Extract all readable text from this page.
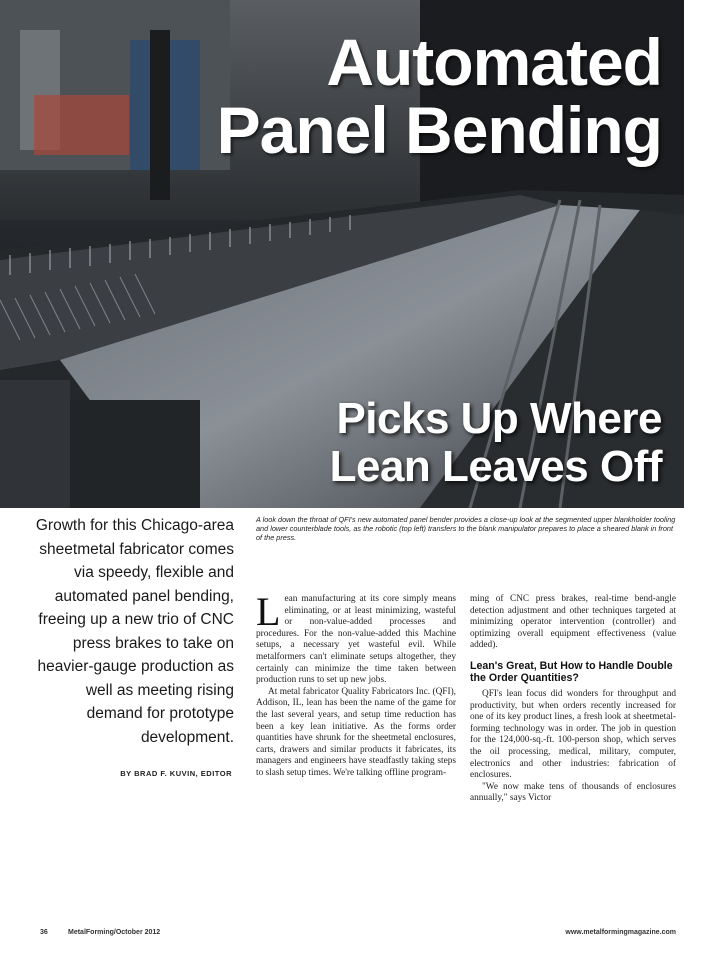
Automated
Panel Bending
Picks Up Where
Lean Leaves Off
Growth for this Chicago-area sheetmetal fabricator comes via speedy, flexible and automated panel bending, freeing up a new trio of CNC press brakes to take on heavier-gauge production as well as meeting rising demand for prototype development.
BY BRAD F. KUVIN, EDITOR
A look down the throat of QFI's new automated panel bender provides a close-up look at the segmented upper blankholder tooling and lower counterblade tools, as the robotic (top left) transfers to the blank manipulator prepares to place a sheared blank in front of the press.

Lean manufacturing at its core simply means eliminating, or at least minimizing, wasteful or non-value-added processes and procedures. For the non-value-added this Machine setups, a necessary yet wasteful evil. While metalformers can't eliminate setups altogether, they certainly can minimize the time taken between production runs to set up new jobs.

At metal fabricator Quality Fabricators Inc. (QFI), Addison, IL, lean has been the name of the game for the last several years, and setup time reduction has been a key lean initiative. As the forms order quantities have shrunk for the sheetmetal enclosures, carts, drawers and similar products it fabricates, its managers and engineers have steadfastly taking steps to slash setup times. We're talking offline program-

ming of CNC press brakes, real-time bend-angle detection adjustment and other techniques targeted at minimizing operator intervention (controller) and optimizing overall equipment effectiveness (value added).

Lean's Great, But How to Handle Double the Order Quantities?

QFI's lean focus did wonders for throughput and productivity, but when orders recently increased for one of its key product lines, a fresh look at sheetmetal-forming technology was in order. The job in question for the 124,000-sq.-ft. 100-person shop, which serves the oil processing, medical, military, computer, electronics and other industries: fabrication of enclosures.

"We now make tens of thousands of enclosures annually," says Victor

36	MetalForming/October 2012	www.metalformingmagazine.com
